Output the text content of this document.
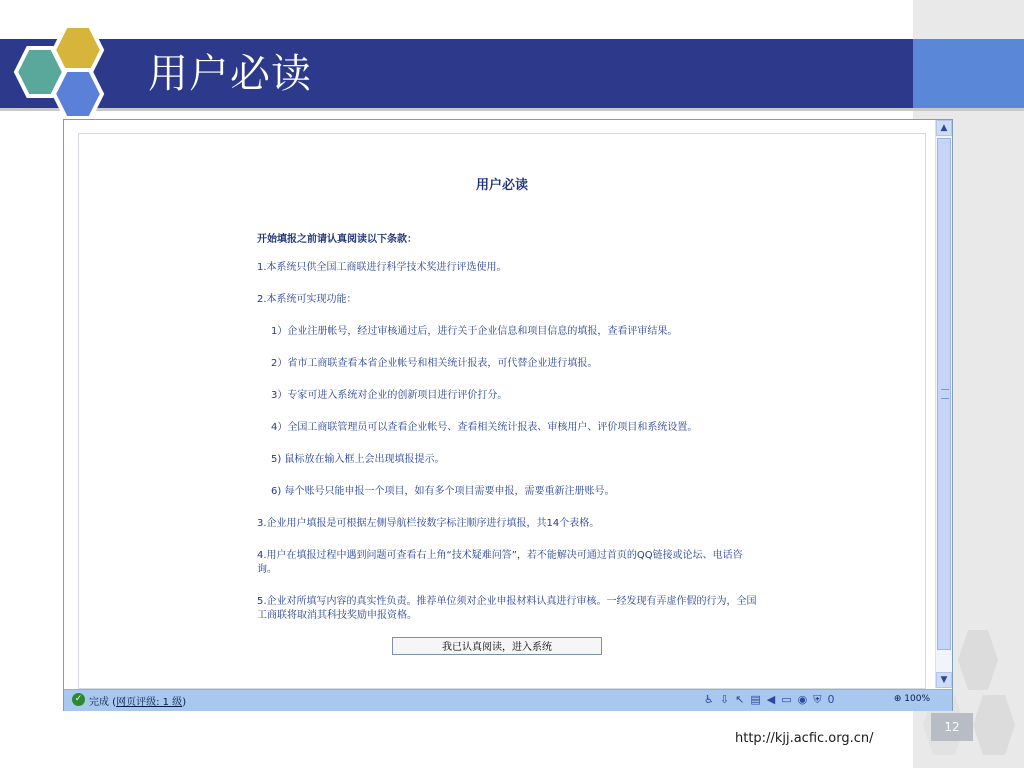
用户必读
用户必读
开始填报之前请认真阅读以下条款：
1.本系统只供全国工商联进行科学技术奖进行评选使用。
2.本系统可实现功能：
1）企业注册帐号，经过审核通过后，进行关于企业信息和项目信息的填报，查看评审结果。
2）省市工商联查看本省企业帐号和相关统计报表，可代替企业进行填报。
3）专家可进入系统对企业的创新项目进行评价打分。
4）全国工商联管理员可以查看企业帐号、查看相关统计报表、审核用户、评价项目和系统设置。
5) 鼠标放在输入框上会出现填报提示。
6) 每个账号只能申报一个项目，如有多个项目需要申报，需要重新注册账号。
3.企业用户填报是可根据左侧导航栏按数字标注顺序进行填报，共14个表格。
4.用户在填报过程中遇到问题可查看右上角“技术疑难问答”，若不能解决可通过首页的QQ链接或论坛、电话咨询。
5.企业对所填写内容的真实性负责。推荐单位须对企业申报材料认真进行审核。一经发现有弄虚作假的行为，全国工商联将取消其科技奖励申报资格。
我已认真阅读，进入系统
▲
▼
✓ 完成 (网页评级: 1 级)	♿⇩↖▤◀▭◉⛨0	⊕ 100%
12
http://kjj.acfic.org.cn/
